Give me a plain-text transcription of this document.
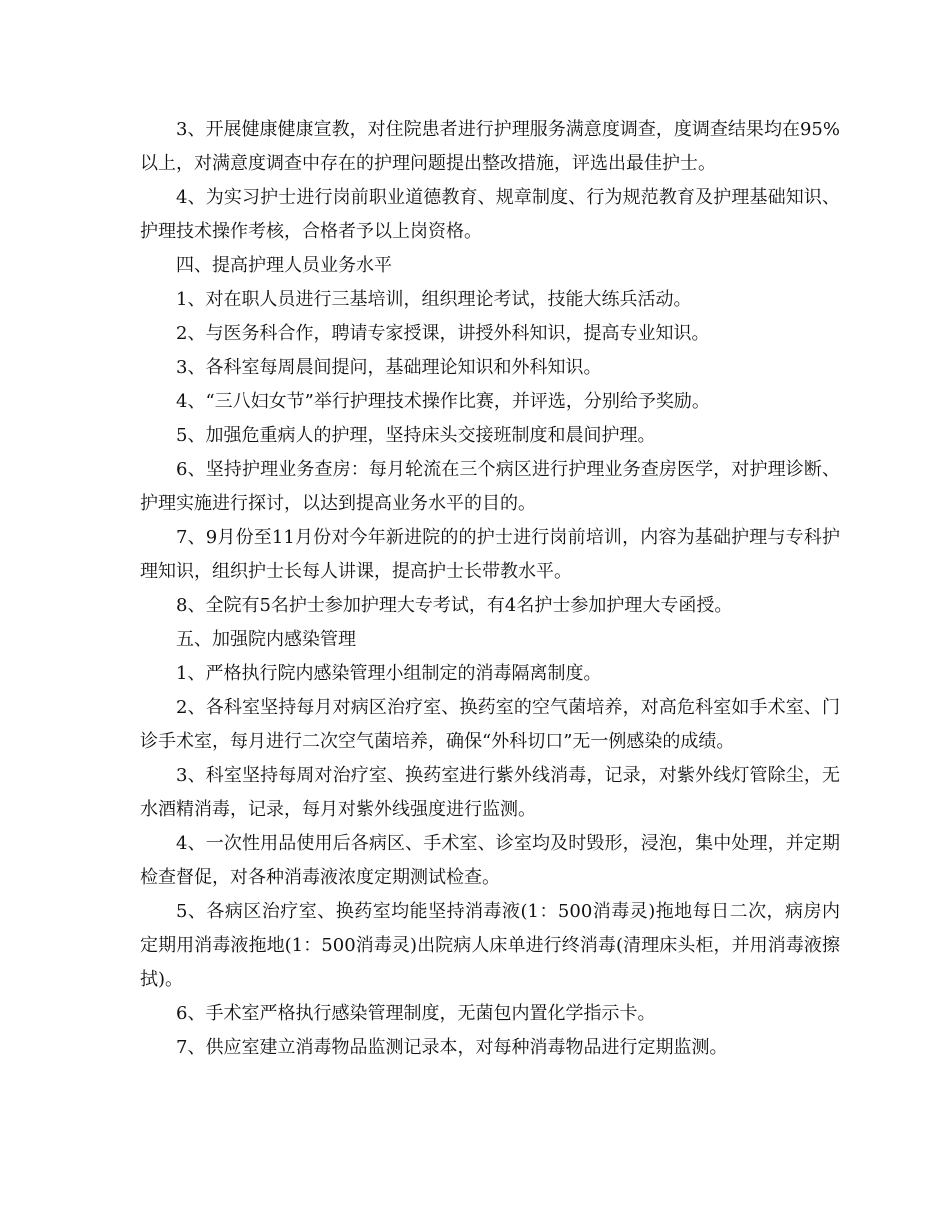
3、开展健康健康宣教，对住院患者进行护理服务满意度调查，度调查结果均在95%以上，对满意度调查中存在的护理问题提出整改措施，评选出最佳护士。

4、为实习护士进行岗前职业道德教育、规章制度、行为规范教育及护理基础知识、护理技术操作考核，合格者予以上岗资格。

四、提高护理人员业务水平

1、对在职人员进行三基培训，组织理论考试，技能大练兵活动。

2、与医务科合作，聘请专家授课，讲授外科知识，提高专业知识。

3、各科室每周晨间提问，基础理论知识和外科知识。

4、“三八妇女节”举行护理技术操作比赛，并评选，分别给予奖励。

5、加强危重病人的护理，坚持床头交接班制度和晨间护理。

6、坚持护理业务查房：每月轮流在三个病区进行护理业务查房医学，对护理诊断、护理实施进行探讨，以达到提高业务水平的目的。

7、9月份至11月份对今年新进院的的护士进行岗前培训，内容为基础护理与专科护理知识，组织护士长每人讲课，提高护士长带教水平。

8、全院有5名护士参加护理大专考试，有4名护士参加护理大专函授。

五、加强院内感染管理

1、严格执行院内感染管理小组制定的消毒隔离制度。

2、各科室坚持每月对病区治疗室、换药室的空气菌培养，对高危科室如手术室、门诊手术室，每月进行二次空气菌培养，确保“外科切口”无一例感染的成绩。

3、科室坚持每周对治疗室、换药室进行紫外线消毒，记录，对紫外线灯管除尘，无水酒精消毒，记录，每月对紫外线强度进行监测。

4、一次性用品使用后各病区、手术室、诊室均及时毁形，浸泡，集中处理，并定期检查督促，对各种消毒液浓度定期测试检查。

5、各病区治疗室、换药室均能坚持消毒液(1：500消毒灵)拖地每日二次，病房内定期用消毒液拖地(1：500消毒灵)出院病人床单进行终消毒(清理床头柜，并用消毒液擦拭)。

6、手术室严格执行感染管理制度，无菌包内置化学指示卡。

7、供应室建立消毒物品监测记录本，对每种消毒物品进行定期监测。
